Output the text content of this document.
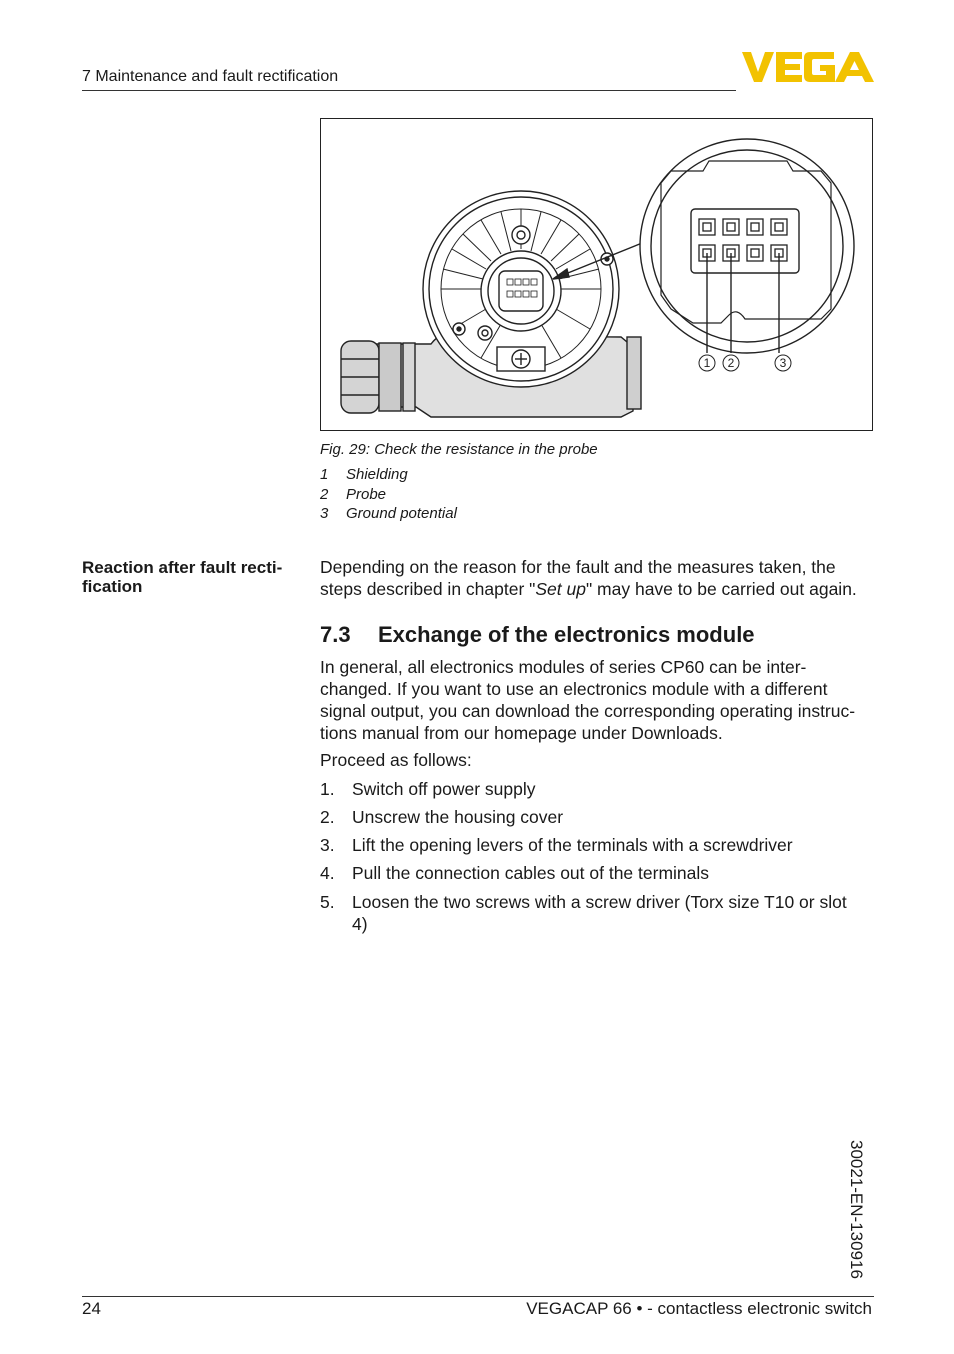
7 Maintenance and fault rectification
1 2	3
Fig. 29: Check the resistance in the probe
1	Shielding
2	Probe
3	Ground potential
Reaction after fault recti-
fication
Depending on the reason for the fault and the measures taken, the
steps described in chapter "Set up" may have to be carried out again.
7.3 Exchange of the electronics module
In general, all electronics modules of series CP60 can be inter-
changed. If you want to use an electronics module with a different
signal output, you can download the corresponding operating instruc-
tions manual from our homepage under Downloads.
Proceed as follows:
1. Switch off power supply
2. Unscrew the housing cover
3. Lift the opening levers of the terminals with a screwdriver
4. Pull the connection cables out of the terminals
5. Loosen the two screws with a screw driver (Torx size T10 or slot
4)
30021-EN-130916
24	VEGACAP 66 • - contactless electronic switch
